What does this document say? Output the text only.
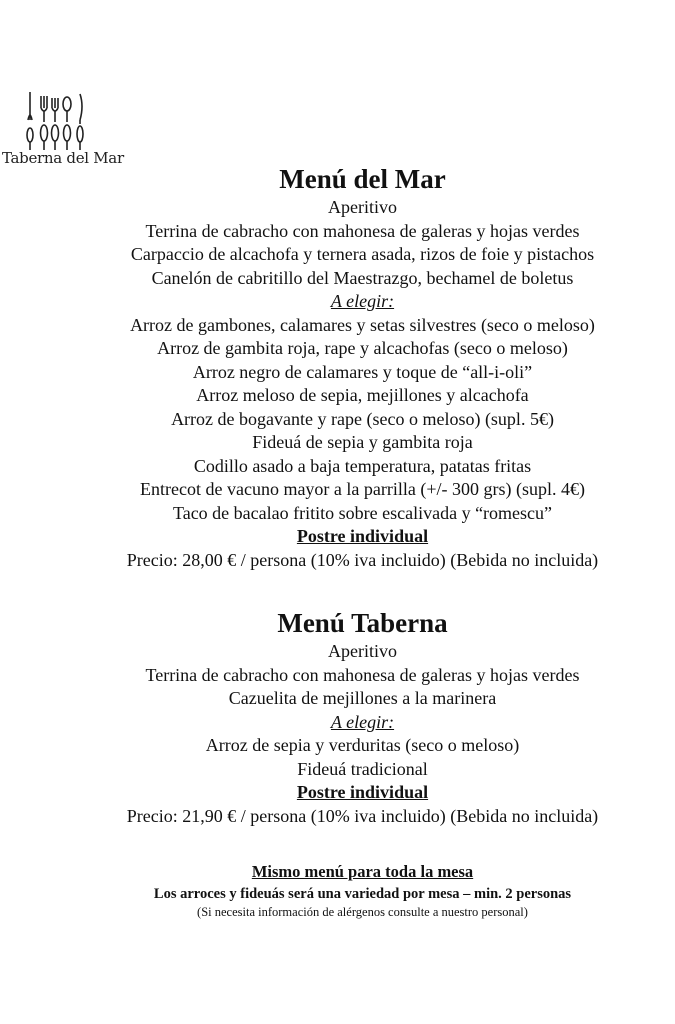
Taberna del Mar
Menú del Mar
Aperitivo
Terrina de cabracho con mahonesa de galeras y hojas verdes
Carpaccio de alcachofa y ternera asada, rizos de foie y pistachos
Canelón de cabritillo del Maestrazgo, bechamel de boletus
A elegir:
Arroz de gambones, calamares y setas silvestres (seco o meloso)
Arroz de gambita roja, rape y alcachofas (seco o meloso)
Arroz negro de calamares y toque de “all-i-oli”
Arroz meloso de sepia, mejillones y alcachofa
Arroz de bogavante y rape (seco o meloso) (supl. 5€)
Fideuá de sepia y gambita roja
Codillo asado a baja temperatura, patatas fritas
Entrecot de vacuno mayor a la parrilla (+/- 300 grs) (supl. 4€)
Taco de bacalao fritito sobre escalivada y “romescu”
Postre individual
Precio: 28,00 € / persona (10% iva incluido) (Bebida no incluida)
Menú Taberna
Aperitivo
Terrina de cabracho con mahonesa de galeras y hojas verdes
Cazuelita de mejillones a la marinera
A elegir:
Arroz de sepia y verduritas (seco o meloso)
Fideuá tradicional
Postre individual
Precio: 21,90 € / persona (10% iva incluido) (Bebida no incluida)
Mismo menú para toda la mesa
Los arroces y fideuás será una variedad por mesa – min. 2 personas
(Si necesita información de alérgenos consulte a nuestro personal)
